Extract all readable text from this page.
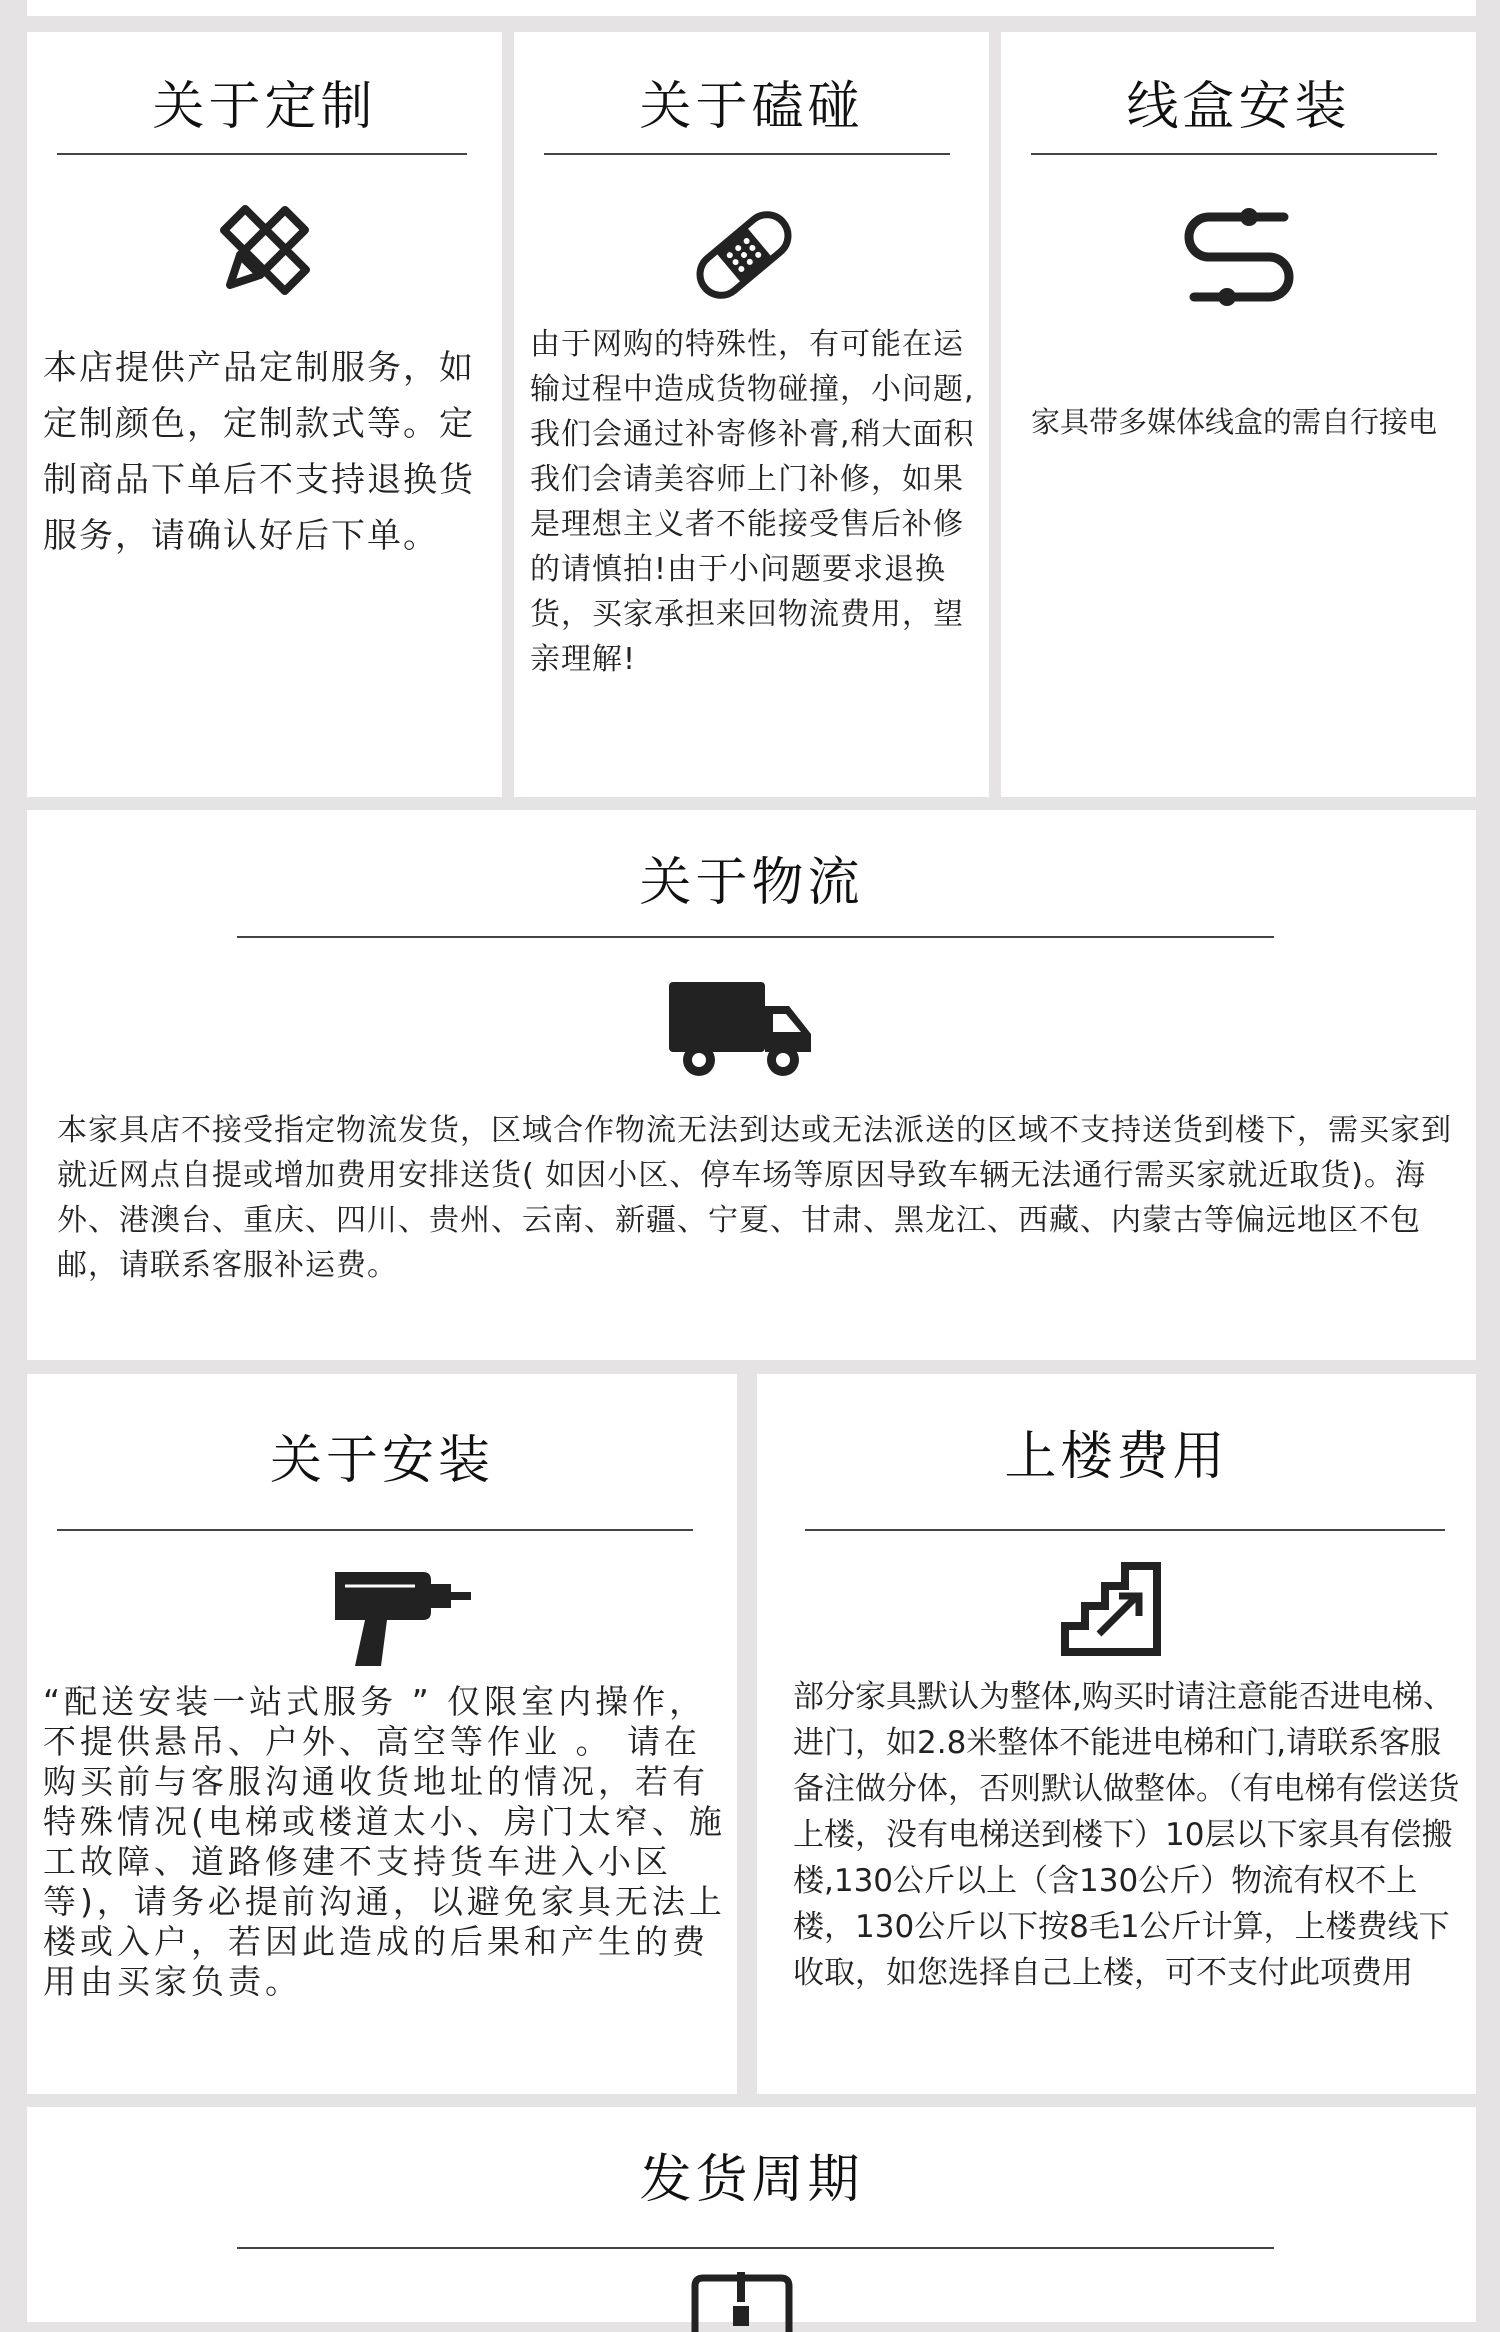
关于定制
本店提供产品定制服务，如定制颜色，定制款式等。定制商品下单后不支持退换货服务，请确认好后下单。
关于磕碰
由于网购的特殊性，有可能在运输过程中造成货物碰撞，小问题,我们会通过补寄修补膏,稍大面积我们会请美容师上门补修，如果是理想主义者不能接受售后补修的请慎拍!由于小问题要求退换货，买家承担来回物流费用，望亲理解!
线盒安装
家具带多媒体线盒的需自行接电
关于物流
本家具店不接受指定物流发货，区域合作物流无法到达或无法派送的区域不支持送货到楼下，需买家到就近网点自提或增加费用安排送货( 如因小区、停车场等原因导致车辆无法通行需买家就近取货)。海外、港澳台、重庆、四川、贵州、云南、新疆、宁夏、甘肃、黑龙江、西藏、内蒙古等偏远地区不包邮，请联系客服补运费。
关于安装
“配送安装一站式服务 ” 仅限室内操作， 不提供悬吊、户外、高空等作业 。 请在购买前与客服沟通收货地址的情况，若有特殊情况(电梯或楼道太小、房门太窄、施工故障、道路修建不支持货车进入小区等)，请务必提前沟通，以避免家具无法上楼或入户，若因此造成的后果和产生的费用由买家负责。
上楼费用
部分家具默认为整体,购买时请注意能否进电梯、进门，如2.8米整体不能进电梯和门,请联系客服备注做分体，否则默认做整体。（有电梯有偿送货上楼，没有电梯送到楼下）10层以下家具有偿搬楼,130公斤以上（含130公斤）物流有权不上楼，130公斤以下按8毛1公斤计算，上楼费线下收取，如您选择自己上楼，可不支付此项费用
发货周期
